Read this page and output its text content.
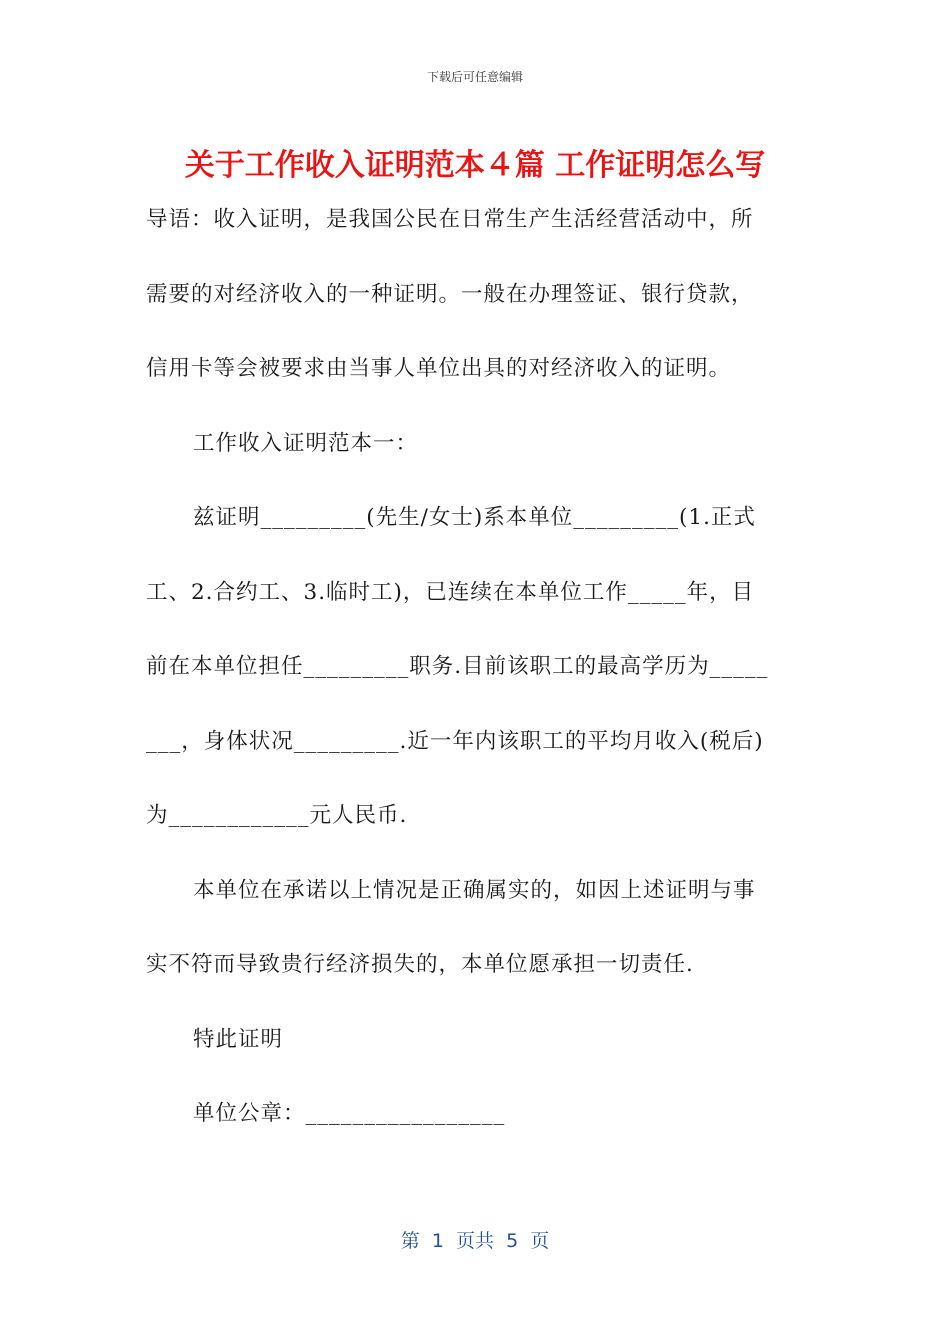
下载后可任意编辑
关于工作收入证明范本４篇 工作证明怎么写
导语：收入证明，是我国公民在日常生产生活经营活动中，所
需要的对经济收入的一种证明。一般在办理签证、银行贷款，
信用卡等会被要求由当事人单位出具的对经济收入的证明。
工作收入证明范本一：
兹证明_________(先生/女士)系本单位_________(1.正式
工、2.合约工、3.临时工)，已连续在本单位工作_____年，目
前在本单位担任_________职务.目前该职工的最高学历为_____
___，身体状况_________.近一年内该职工的平均月收入(税后)
为____________元人民币.
本单位在承诺以上情况是正确属实的，如因上述证明与事
实不符而导致贵行经济损失的，本单位愿承担一切责任.
特此证明
单位公章：_________________
第  1  页共  5  页
